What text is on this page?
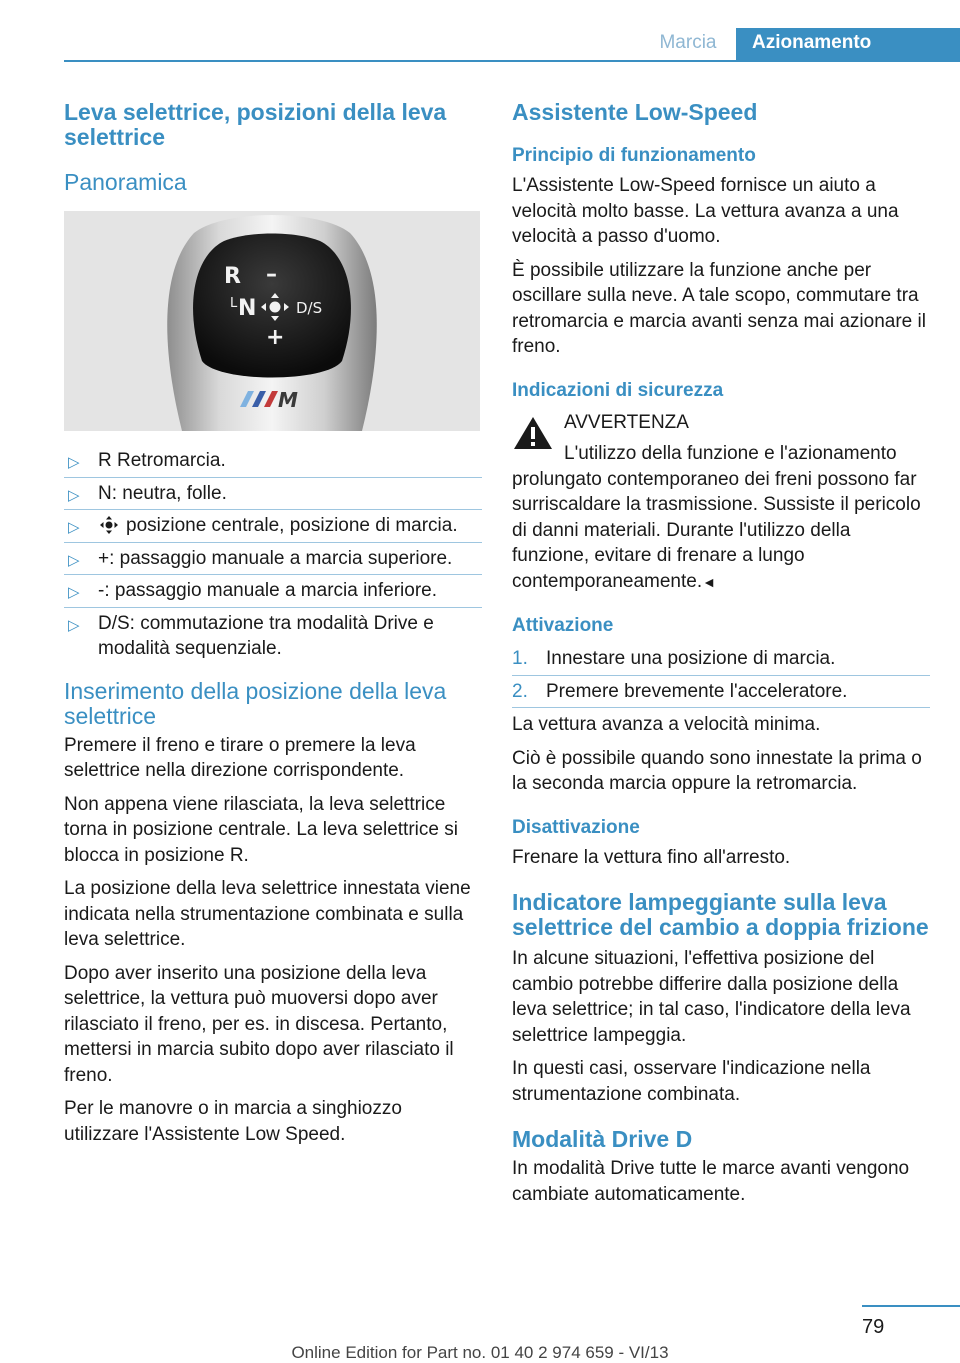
Marcia	Azionamento
Leva selettrice, posizioni della leva selettrice
Panoramica
R –
L N	D/S
+
M
▷ R Retromarcia.
▷ N: neutra, folle.
▷ posizione centrale, posizione di marcia.
▷ +: passaggio manuale a marcia superiore.
▷ -: passaggio manuale a marcia inferiore.
▷ D/S: commutazione tra modalità Drive e modalità sequenziale.
Inserimento della posizione della leva selettrice

Premere il freno e tirare o premere la leva selettrice nella direzione corrispondente.

Non appena viene rilasciata, la leva selettrice torna in posizione centrale. La leva selettrice si blocca in posizione R.

La posizione della leva selettrice innestata viene indicata nella strumentazione combinata e sulla leva selettrice.

Dopo aver inserito una posizione della leva selettrice, la vettura può muoversi dopo aver rilasciato il freno, per es. in discesa. Pertanto, mettersi in marcia subito dopo aver rilasciato il freno.

Per le manovre o in marcia a singhiozzo utilizzare l'Assistente Low Speed.

Assistente Low-Speed
Principio di funzionamento

L'Assistente Low-Speed fornisce un aiuto a velocità molto basse. La vettura avanza a una velocità a passo d'uomo.

È possibile utilizzare la funzione anche per oscillare sulla neve. A tale scopo, commutare tra retromarcia e marcia avanti senza mai azionare il freno.

Indicazioni di sicurezza

AVVERTENZA

L'utilizzo della funzione e l'azionamento prolungato contemporaneo dei freni possono far surriscaldare la trasmissione. Sussiste il pericolo di danni materiali. Durante l'utilizzo della funzione, evitare di frenare a lungo contemporaneamente.◄

Attivazione
1. Innestare una posizione di marcia.
2. Premere brevemente l'acceleratore.

La vettura avanza a velocità minima.

Ciò è possibile quando sono innestate la prima o la seconda marcia oppure la retromarcia.

Disattivazione

Frenare la vettura fino all'arresto.

Indicatore lampeggiante sulla leva selettrice del cambio a doppia frizione

In alcune situazioni, l'effettiva posizione del cambio potrebbe differire dalla posizione della leva selettrice; in tal caso, l'indicatore della leva selettrice lampeggia.

In questi casi, osservare l'indicazione nella strumentazione combinata.

Modalità Drive D

In modalità Drive tutte le marce avanti vengono cambiate automaticamente.

79
Online Edition for Part no. 01 40 2 974 659 - VI/13
